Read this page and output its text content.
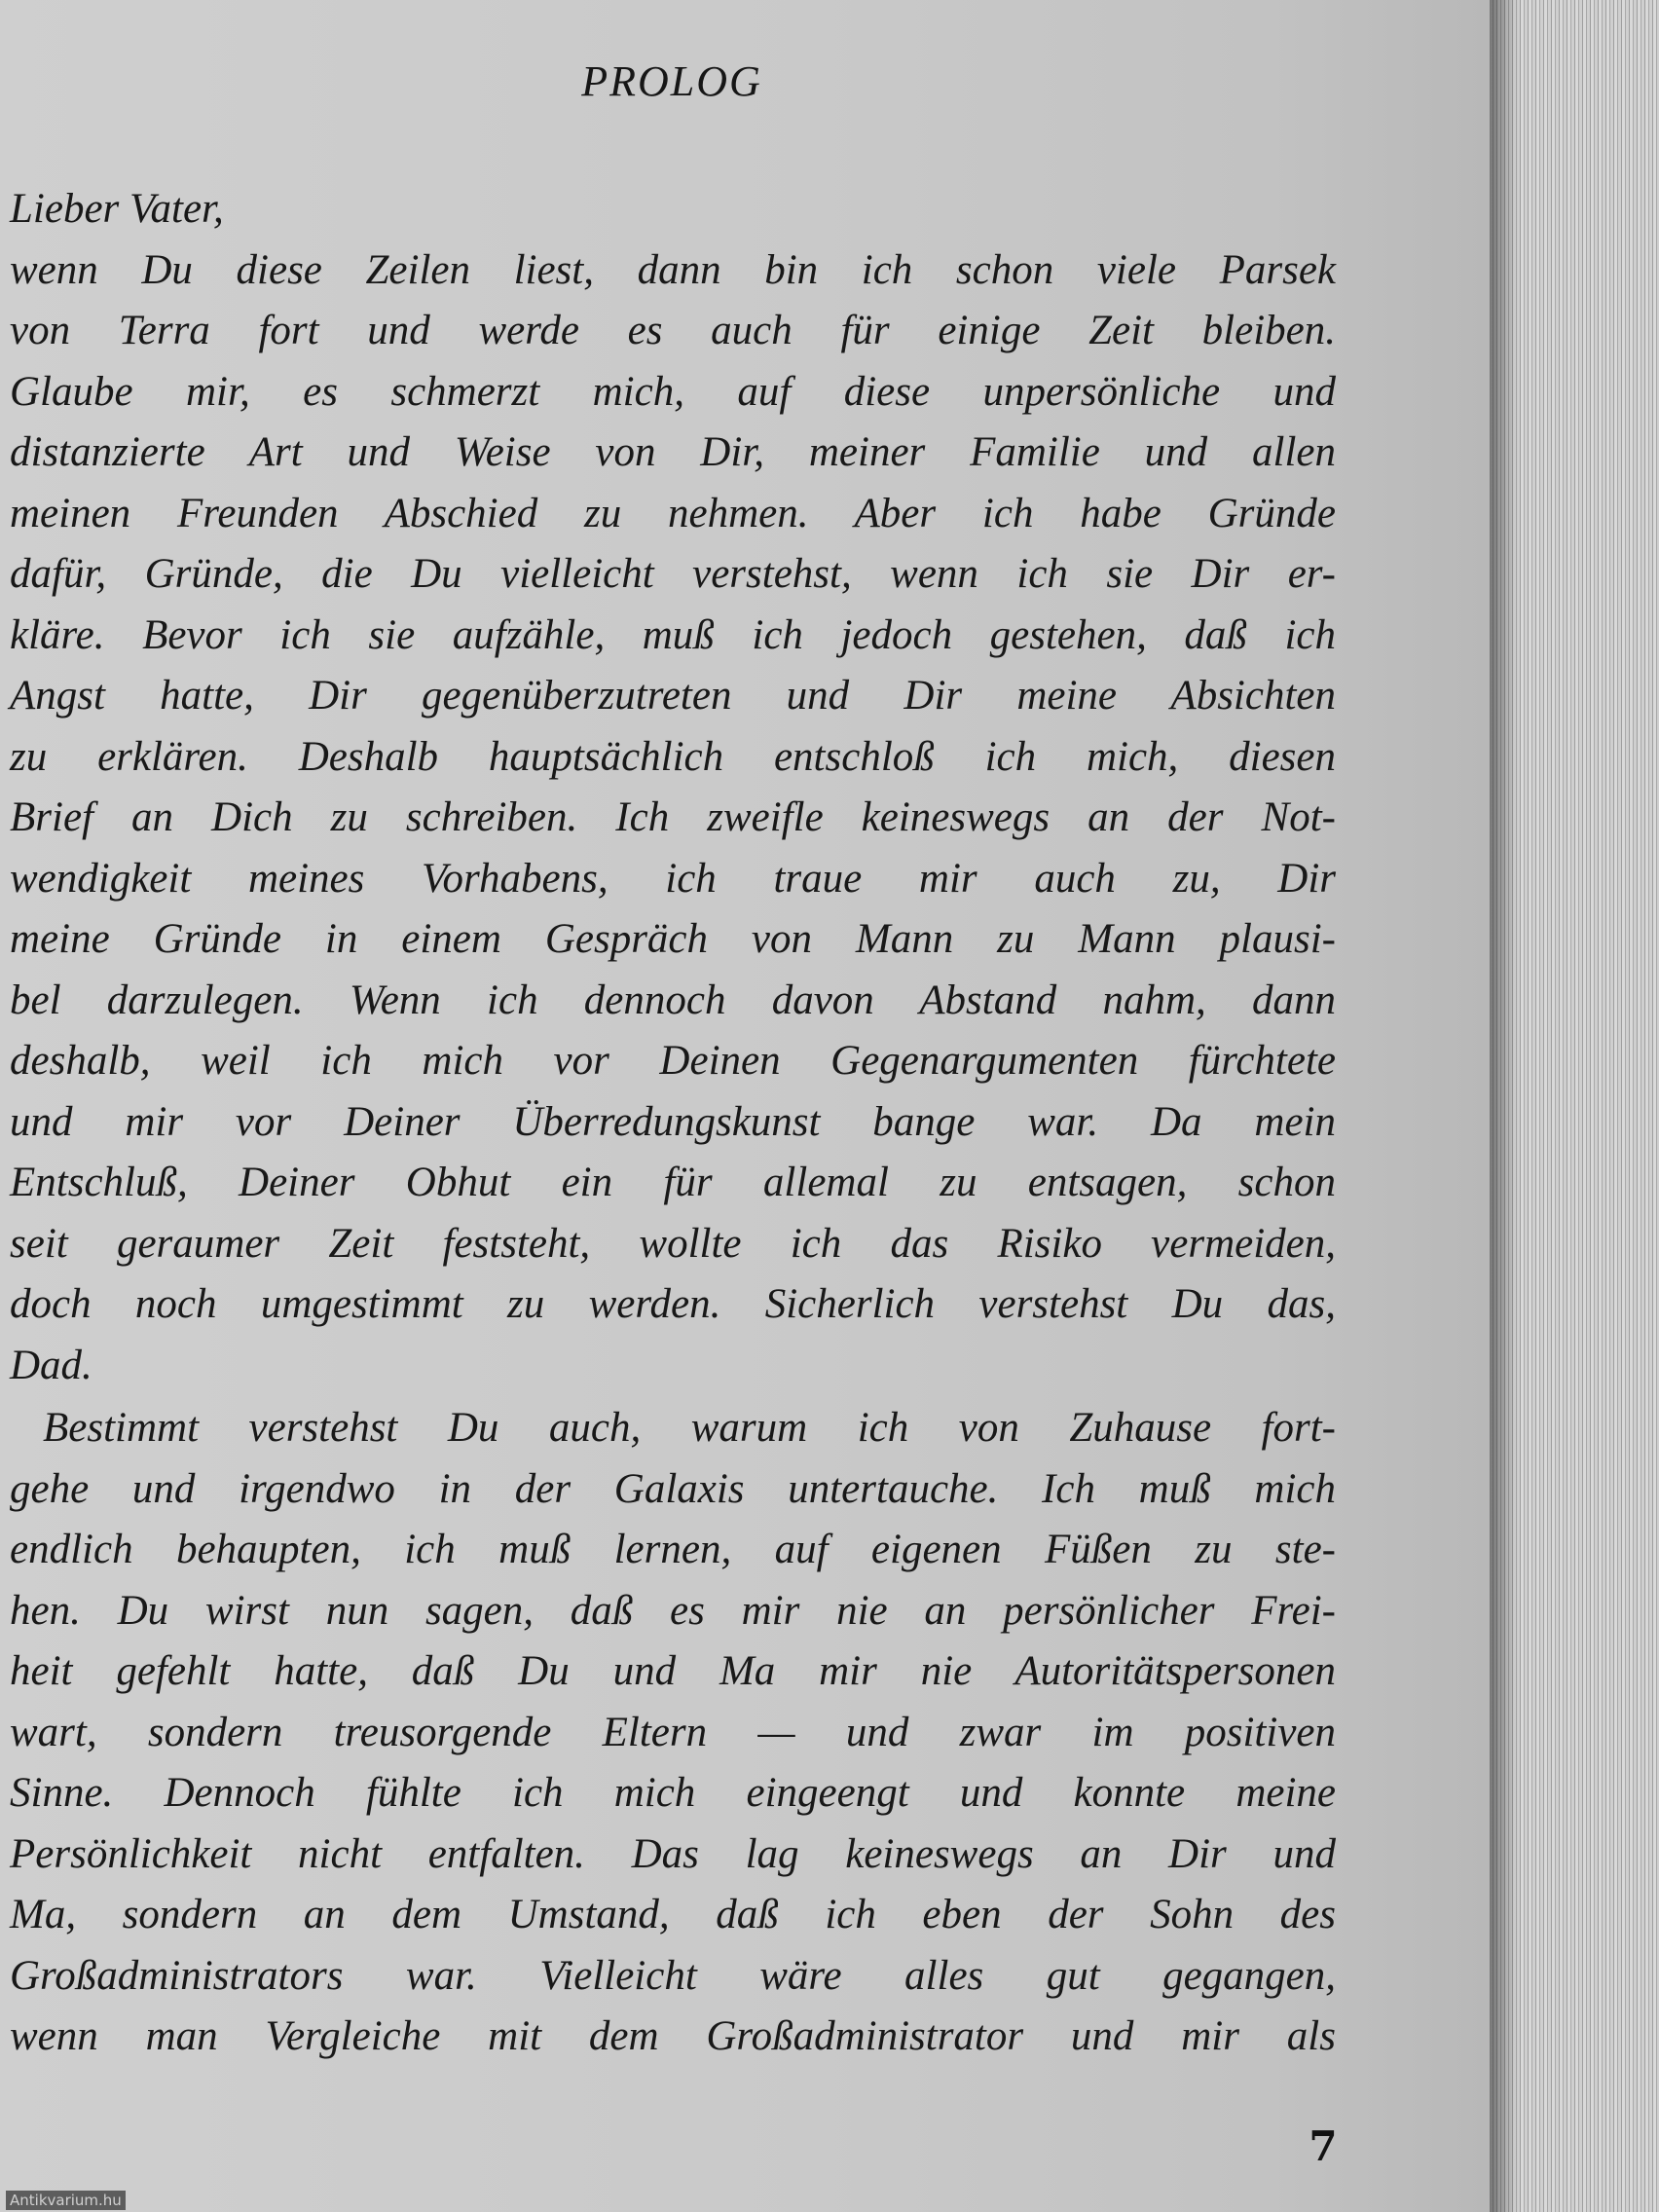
PROLOG
Lieber Vater,
wenn Du diese Zeilen liest, dann bin ich schon viele Parsek
von Terra fort und werde es auch für einige Zeit bleiben.
Glaube mir, es schmerzt mich, auf diese unpersönliche und
distanzierte Art und Weise von Dir, meiner Familie und allen
meinen Freunden Abschied zu nehmen. Aber ich habe Gründe
dafür, Gründe, die Du vielleicht verstehst, wenn ich sie Dir er-
kläre. Bevor ich sie aufzähle, muß ich jedoch gestehen, daß ich
Angst hatte, Dir gegenüberzutreten und Dir meine Absichten
zu erklären. Deshalb hauptsächlich entschloß ich mich, diesen
Brief an Dich zu schreiben. Ich zweifle keineswegs an der Not-
wendigkeit meines Vorhabens, ich traue mir auch zu, Dir
meine Gründe in einem Gespräch von Mann zu Mann plausi-
bel darzulegen. Wenn ich dennoch davon Abstand nahm, dann
deshalb, weil ich mich vor Deinen Gegenargumenten fürchtete
und mir vor Deiner Überredungskunst bange war. Da mein
Entschluß, Deiner Obhut ein für allemal zu entsagen, schon
seit geraumer Zeit feststeht, wollte ich das Risiko vermeiden,
doch noch umgestimmt zu werden. Sicherlich verstehst Du das,
Dad.
Bestimmt verstehst Du auch, warum ich von Zuhause fort-
gehe und irgendwo in der Galaxis untertauche. Ich muß mich
endlich behaupten, ich muß lernen, auf eigenen Füßen zu ste-
hen. Du wirst nun sagen, daß es mir nie an persönlicher Frei-
heit gefehlt hatte, daß Du und Ma mir nie Autoritätspersonen
wart, sondern treusorgende Eltern — und zwar im positiven
Sinne. Dennoch fühlte ich mich eingeengt und konnte meine
Persönlichkeit nicht entfalten. Das lag keineswegs an Dir und
Ma, sondern an dem Umstand, daß ich eben der Sohn des
Großadministrators war. Vielleicht wäre alles gut gegangen,
wenn man Vergleiche mit dem Großadministrator und mir als
7
Antikvarium.hu
